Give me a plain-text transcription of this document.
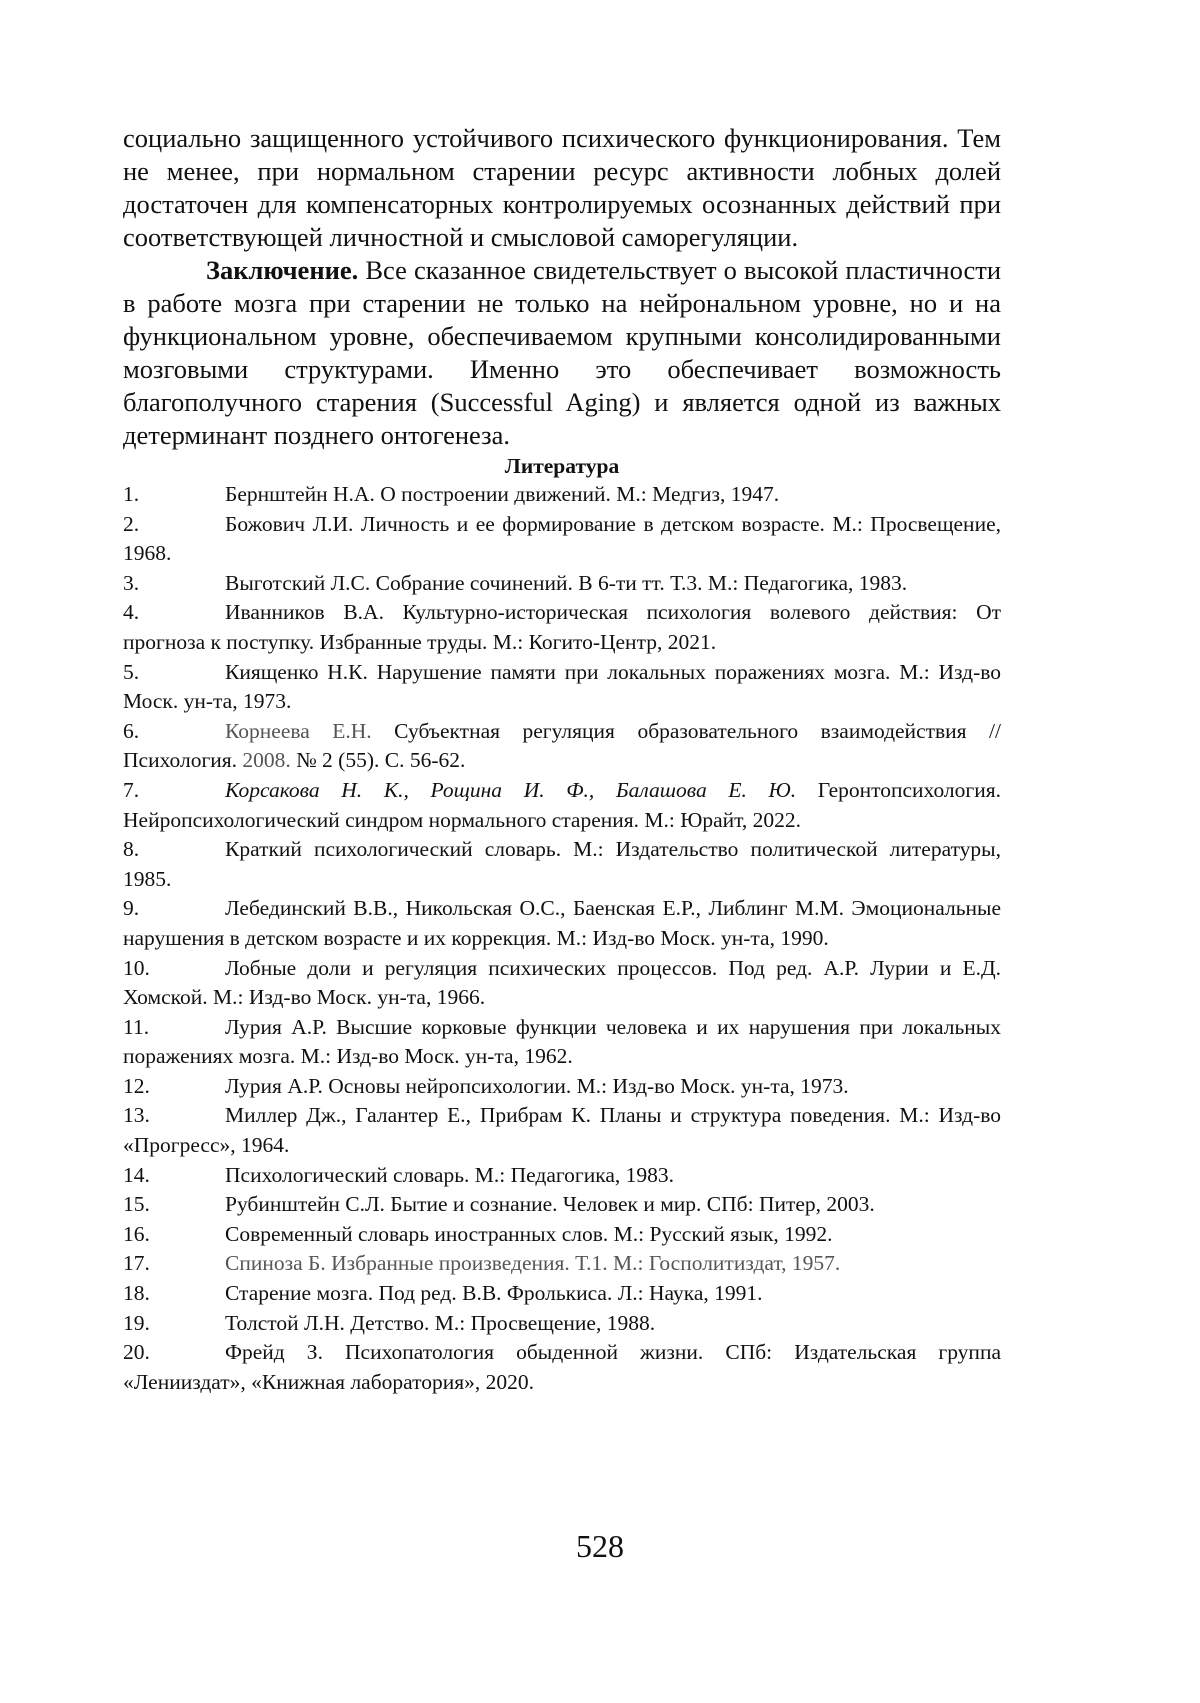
социально защищенного устойчивого психического функционирования. Тем не менее, при нормальном старении ресурс активности лобных долей достаточен для компенсаторных контролируемых осознанных действий при соответствующей личностной и смысловой саморегуляции.

Заключение. Все сказанное свидетельствует о высокой пластичности в работе мозга при старении не только на нейрональном уровне, но и на функциональном уровне, обеспечиваемом крупными консолидированными мозговыми структурами. Именно это обеспечивает возможность благополучного старения (Successful Aging) и является одной из важных детерминант позднего онтогенеза.

Литература

1.	Бернштейн Н.А. О построении движений. М.: Медгиз, 1947.
2.	Божович Л.И. Личность и ее формирование в детском возрасте. М.: Просвещение, 1968.
3.	Выготский Л.С. Собрание сочинений. В 6-ти тт. Т.3. М.: Педагогика, 1983.
4.	Иванников В.А. Культурно-историческая психология волевого действия: От прогноза к поступку. Избранные труды. М.: Когито-Центр, 2021.
5.	Киященко Н.К. Нарушение памяти при локальных поражениях мозга. М.: Изд-во Моск. ун-та, 1973.
6.	Корнеева Е.Н. Субъектная регуляция образовательного взаимодействия // Психология. 2008. № 2 (55). С. 56-62.
7.	Корсакова Н. К., Рощина И. Ф., Балашова Е. Ю. Геронтопсихология. Нейропсихологический синдром нормального старения. М.: Юрайт, 2022.
8.	Краткий психологический словарь. М.: Издательство политической литературы, 1985.
9.	Лебединский В.В., Никольская О.С., Баенская Е.Р., Либлинг М.М. Эмоциональные нарушения в детском возрасте и их коррекция. М.: Изд-во Моск. ун-та, 1990.
10.	Лобные доли и регуляция психических процессов. Под ред. А.Р. Лурии и Е.Д. Хомской. М.: Изд-во Моск. ун-та, 1966.
11.	Лурия А.Р. Высшие корковые функции человека и их нарушения при локальных поражениях мозга. М.: Изд-во Моск. ун-та, 1962.
12.	Лурия А.Р. Основы нейропсихологии. М.: Изд-во Моск. ун-та, 1973.
13.	Миллер Дж., Галантер Е., Прибрам К. Планы и структура поведения. М.: Изд-во «Прогресс», 1964.
14.	Психологический словарь. М.: Педагогика, 1983.
15.	Рубинштейн С.Л. Бытие и сознание. Человек и мир. СПб: Питер, 2003.
16.	Современный словарь иностранных слов. М.: Русский язык, 1992.
17.	Спиноза Б. Избранные произведения. Т.1. М.: Госполитиздат, 1957.
18.	Старение мозга. Под ред. В.В. Фролькиса. Л.: Наука, 1991.
19.	Толстой Л.Н. Детство. М.: Просвещение, 1988.
20.	Фрейд З. Психопатология обыденной жизни. СПб: Издательская группа «Ленииздат», «Книжная лаборатория», 2020.
528
